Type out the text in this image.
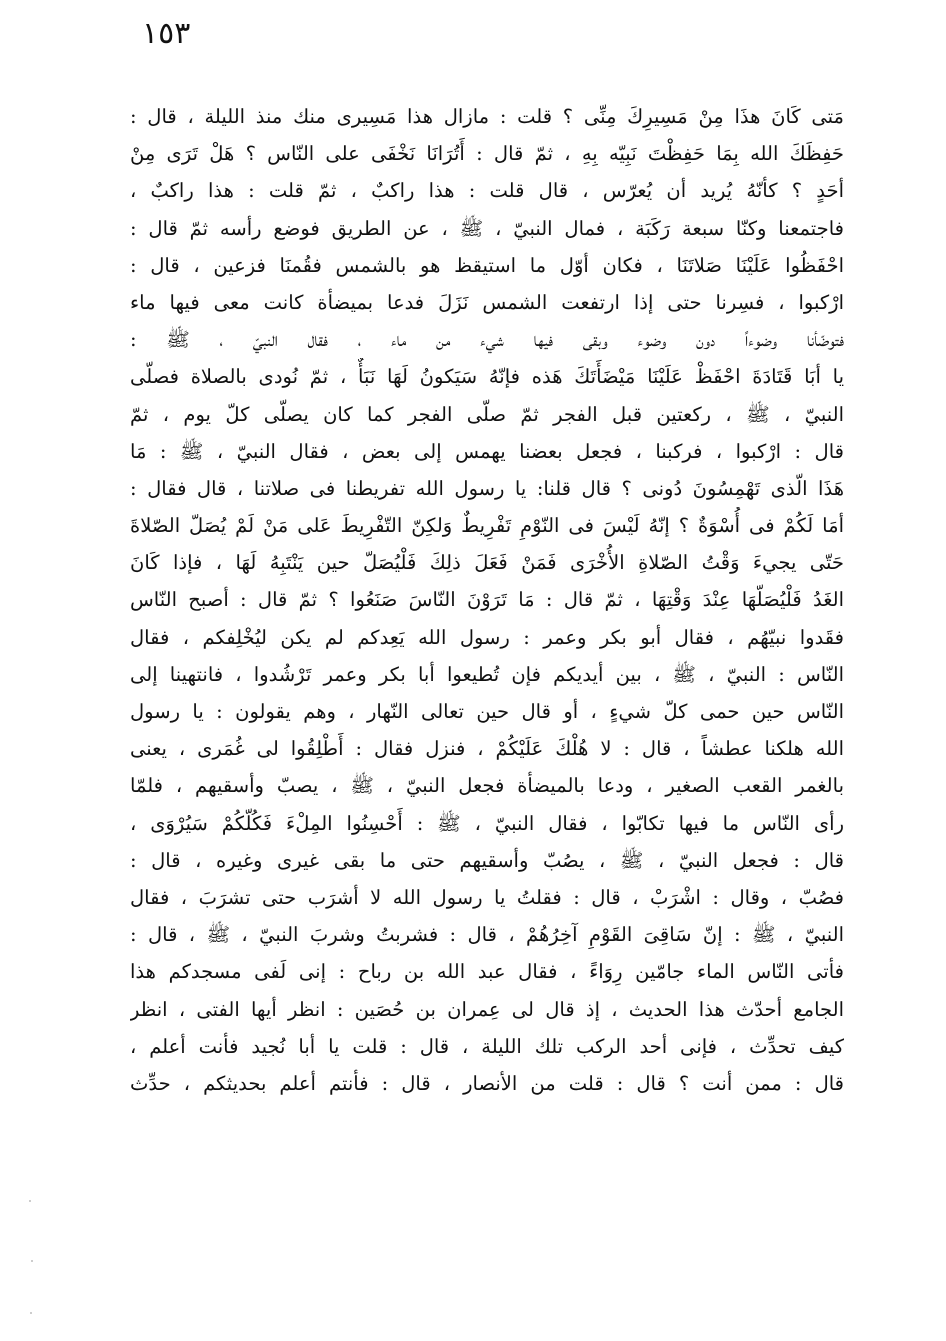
١٥٣
مَتى كَانَ هذَا مِنْ مَسِيرِكَ مِنِّى ؟ قلت : مازال هذا مَسِيرى منك منذ الليلة ، قال :
حَفِظَكَ الله بِمَا حَفِظْتَ نَبِيّه بِهِ ، ثمّ قال : أَتُرَانَا نَخْفَى على النّاس ؟ هَلْ تَرَى مِنْ
أحَدٍ ؟ كأنّهُ يُريد أن يُعرّس ، قال قلت : هذا راكبٌ ، ثمّ قلت : هذا راكبٌ ،
فاجتمعنا وكنّا سبعة رَكَبَة ، فمال النبيّ ، ﷺ ، عن الطريق فوضع رأسه ثمّ قال :
احْفَظُوا عَلَيْنَا صَلاتَنَا ، فكان أوّل ما استيقظ هو بالشمس فقُمنَا فزعين ، قال :
ارْكبوا ، فسِرنا حتى إذا ارتفعت الشمس نَزَلَ فدعا بميضأة كانت معى فيها ماء
فتوضّأنا وضوءاً دون وضوء وبقى فيها شيء من ماء ، فقال النبيّ ، ﷺ :
يا أبَا قَتَادَةَ احْفَظْ عَلَيْنَا مَيْضَأَتَكَ هَذه فإنّهُ سَيَكونُ لَهَا نَبَأٌ ، ثمّ نُودى بالصلاة فصلّى
النبيّ ، ﷺ ، ركعتين قبل الفجر ثمّ صلّى الفجر كما كان يصلّى كلّ يوم ، ثمّ
قال : ارْكبوا ، فركبنا ، فجعل بعضنا يهمس إلى بعض ، فقال النبيّ ، ﷺ : مَا
هَذَا الّذى تَهْمِسُونَ دُونى ؟ قال قلنا: يا رسول الله تفريطنا فى صلاتنا ، قال فقال :
أمَا لَكُمْ فى أُسْوَةٌ ؟ إنّهُ لَيْسَ فى النّوْمِ تَفْرِيطٌ وَلكِنّ التّفْرِيطَ عَلى مَنْ لَمْ يُصَلّ الصّلاةَ
حَتّى يجيءَ وَقْتُ الصّلاةِ الأُخْرَى فَمَنْ فَعَلَ ذلِكَ فَلْيُصَلّ حين يَنْتَبِهُ لَهَا ، فإذا كَانَ
الغَدُ فَلْيُصَلّهَا عِنْدَ وَقْتِهَا ، ثمّ قال : مَا تَرَوْنَ النّاسَ صَنَعُوا ؟ ثمّ قال : أصبح النّاس
فقَدوا نبيّهُم ، فقال أبو بكر وعمر : رسول الله يَعِدكم لم يكن ليُخْلِفكم ، فقال
النّاس : النبيّ ، ﷺ ، بين أيديكم فإن تُطيعوا أبا بكر وعمر تَرْشُدوا ، فانتهينا إلى
النّاس حين حمى كلّ شيءٍ ، أو قال حين تعالى النّهار ، وهم يقولون : يا رسول
الله هلكنا عطشاً ، قال : لا هُلْكَ عَلَيْكُمْ ، فنزل فقال : أَطْلِقُوا لى غُمَرى ، يعنى
بالغمر القعب الصغير ، ودعا بالميضأة فجعل النبيّ ، ﷺ ، يصبّ وأسقيهم ، فلمّا
رأى النّاس ما فيها تكابّوا ، فقال النبيّ ، ﷺ : أَحْسِنُوا المِلْءَ فَكُلّكُمْ سَيُرْوَى ،
قال : فجعل النبيّ ، ﷺ ، يصُبّ وأسقيهم حتى ما بقى غيرى وغيره ، قال :
فصُبّ ، وقال : اشْرَبْ ، قال : فقلتُ يا رسول الله لا أشرَب حتى تشرَبَ ، فقال
النبيّ ، ﷺ : إنّ سَاقِىَ القَوْمِ آخِرُهُمْ ، قال : فشربتُ وشربَ النبيّ ، ﷺ ، قال :
فأتى النّاس الماء جامّين رِوَاءً ، فقال عبد الله بن رباح : إنى لَفى مسجدكم هذا
الجامع أحدّث هذا الحديث ، إذ قال لى عِمران بن حُصَين : انظر أيها الفتى ، انظر
كيف تحدِّث ، فإنى أحد الركب تلك الليلة ، قال : قلت يا أبا نُجيد فأنت أعلم ،
قال : ممن أنت ؟ قال : قلت من الأنصار ، قال : فأنتم أعلم بحديثكم ، حدِّث
